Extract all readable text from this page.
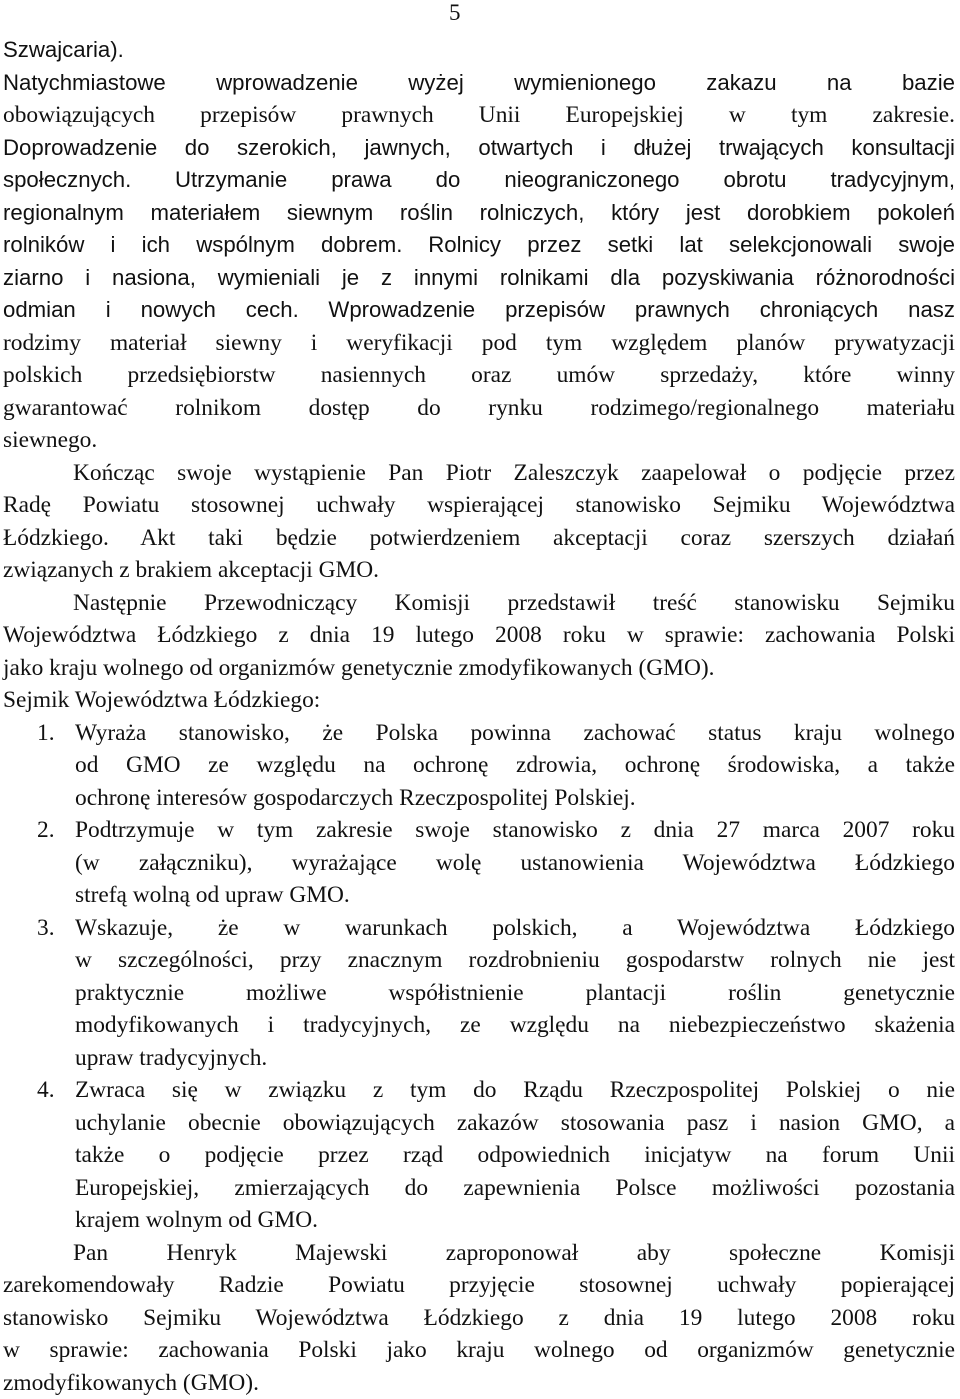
5
Szwajcaria).
Natychmiastowe wprowadzenie wyżej wymienionego zakazu na bazie
obowiązujących przepisów prawnych Unii Europejskiej w tym zakresie.
Doprowadzenie do szerokich, jawnych, otwartych i dłużej trwających konsultacji
społecznych. Utrzymanie prawa do nieograniczonego obrotu tradycyjnym,
regionalnym materiałem siewnym roślin rolniczych, który jest dorobkiem pokoleń
rolników i ich wspólnym dobrem. Rolnicy przez setki lat selekcjonowali swoje
ziarno i nasiona, wymieniali je z innymi rolnikami dla pozyskiwania różnorodności
odmian i nowych cech. Wprowadzenie przepisów prawnych chroniących nasz
rodzimy materiał siewny i weryfikacji pod tym względem planów prywatyzacji
polskich przedsiębiorstw nasiennych oraz umów sprzedaży, które winny
gwarantować rolnikom dostęp do rynku rodzimego/regionalnego materiału
siewnego.
Kończąc swoje wystąpienie Pan Piotr Zaleszczyk zaapelował o podjęcie przez
Radę Powiatu stosownej uchwały wspierającej stanowisko Sejmiku Województwa
Łódzkiego. Akt taki będzie potwierdzeniem akceptacji coraz szerszych działań
związanych z brakiem akceptacji GMO.
Następnie Przewodniczący Komisji przedstawił treść stanowisku Sejmiku
Województwa Łódzkiego z dnia 19 lutego 2008 roku w sprawie: zachowania Polski
jako kraju wolnego od organizmów genetycznie zmodyfikowanych (GMO).
Sejmik Województwa Łódzkiego:
1. Wyraża stanowisko, że Polska powinna zachować status kraju wolnego
od GMO ze względu na ochronę zdrowia, ochronę środowiska, a także
ochronę interesów gospodarczych Rzeczpospolitej Polskiej.
2. Podtrzymuje w tym zakresie swoje stanowisko z dnia 27 marca 2007 roku
(w załączniku), wyrażające wolę ustanowienia Województwa Łódzkiego
strefą wolną od upraw GMO.
3. Wskazuje, że w warunkach polskich, a Województwa Łódzkiego
w szczególności, przy znacznym rozdrobnieniu gospodarstw rolnych nie jest
praktycznie możliwe współistnienie plantacji roślin genetycznie
modyfikowanych i tradycyjnych, ze względu na niebezpieczeństwo skażenia
upraw tradycyjnych.
4. Zwraca się w związku z tym do Rządu Rzeczpospolitej Polskiej o nie
uchylanie obecnie obowiązujących zakazów stosowania pasz i nasion GMO, a
także o podjęcie przez rząd odpowiednich inicjatyw na forum Unii
Europejskiej, zmierzających do zapewnienia Polsce możliwości pozostania
krajem wolnym od GMO.
Pan Henryk Majewski zaproponował aby społeczne Komisji
zarekomendowały Radzie Powiatu przyjęcie stosownej uchwały popierającej
stanowisko Sejmiku Województwa Łódzkiego z dnia 19 lutego 2008 roku
w sprawie: zachowania Polski jako kraju wolnego od organizmów genetycznie
zmodyfikowanych (GMO).
